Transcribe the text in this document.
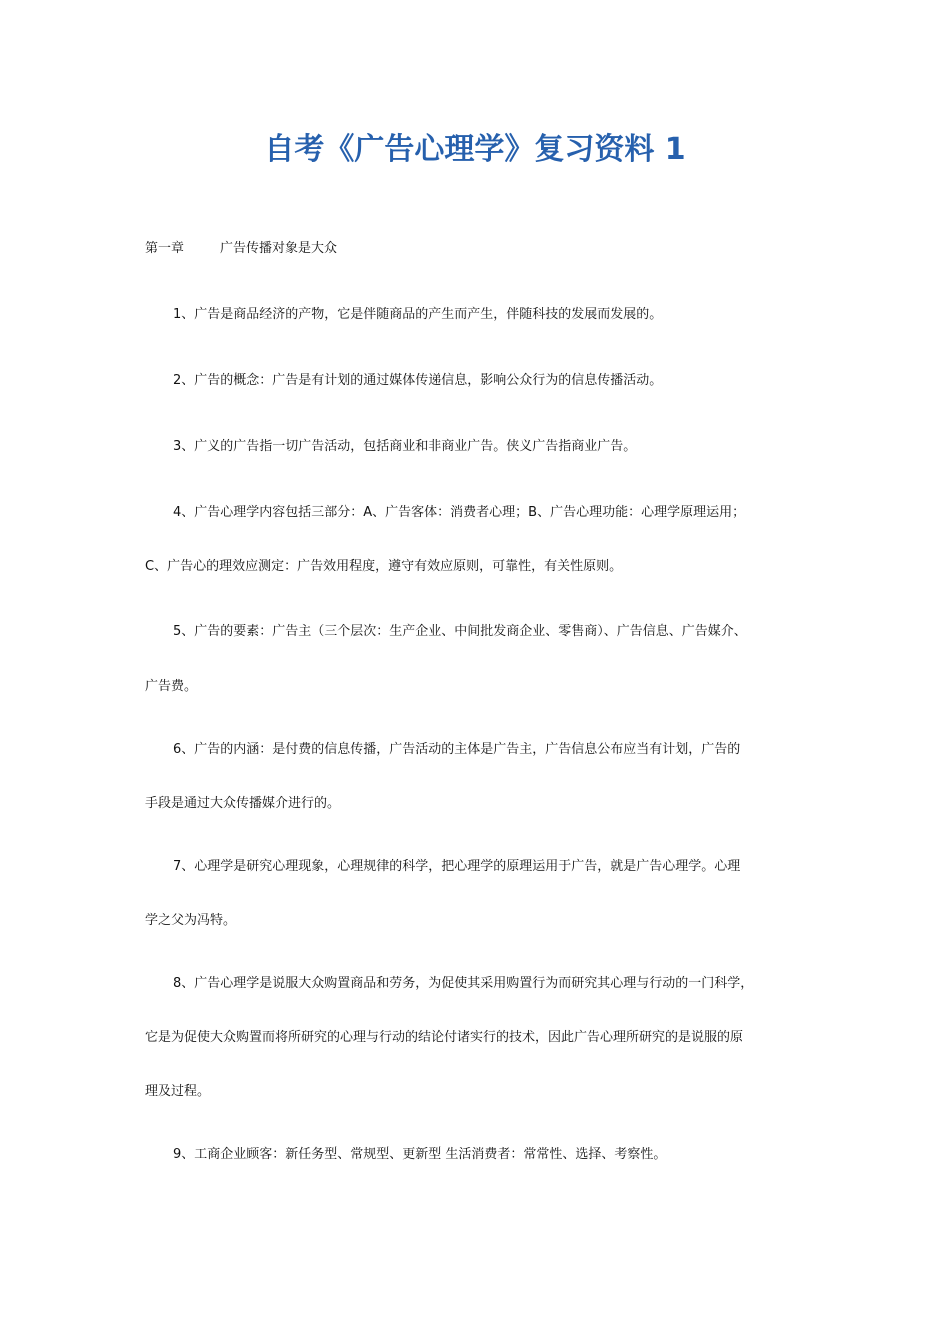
自考《广告心理学》复习资料 1
第一章	广告传播对象是大众
1、广告是商品经济的产物，它是伴随商品的产生而产生，伴随科技的发展而发展的。
2、广告的概念：广告是有计划的通过媒体传递信息，影响公众行为的信息传播活动。
3、广义的广告指一切广告活动，包括商业和非商业广告。侠义广告指商业广告。
4、广告心理学内容包括三部分：A、广告客体：消费者心理；B、广告心理功能：心理学原理运用；
C、广告心的理效应测定：广告效用程度，遵守有效应原则，可靠性，有关性原则。
5、广告的要素：广告主（三个层次：生产企业、中间批发商企业、零售商）、广告信息、广告媒介、
广告费。
6、广告的内涵：是付费的信息传播，广告活动的主体是广告主，广告信息公布应当有计划，广告的
手段是通过大众传播媒介进行的。
7、心理学是研究心理现象，心理规律的科学，把心理学的原理运用于广告，就是广告心理学。心理
学之父为冯特。
8、广告心理学是说服大众购置商品和劳务，为促使其采用购置行为而研究其心理与行动的一门科学，
它是为促使大众购置而将所研究的心理与行动的结论付诸实行的技术，因此广告心理所研究的是说服的原
理及过程。
9、工商企业顾客：新任务型、常规型、更新型 生活消费者：常常性、选择、考察性。
